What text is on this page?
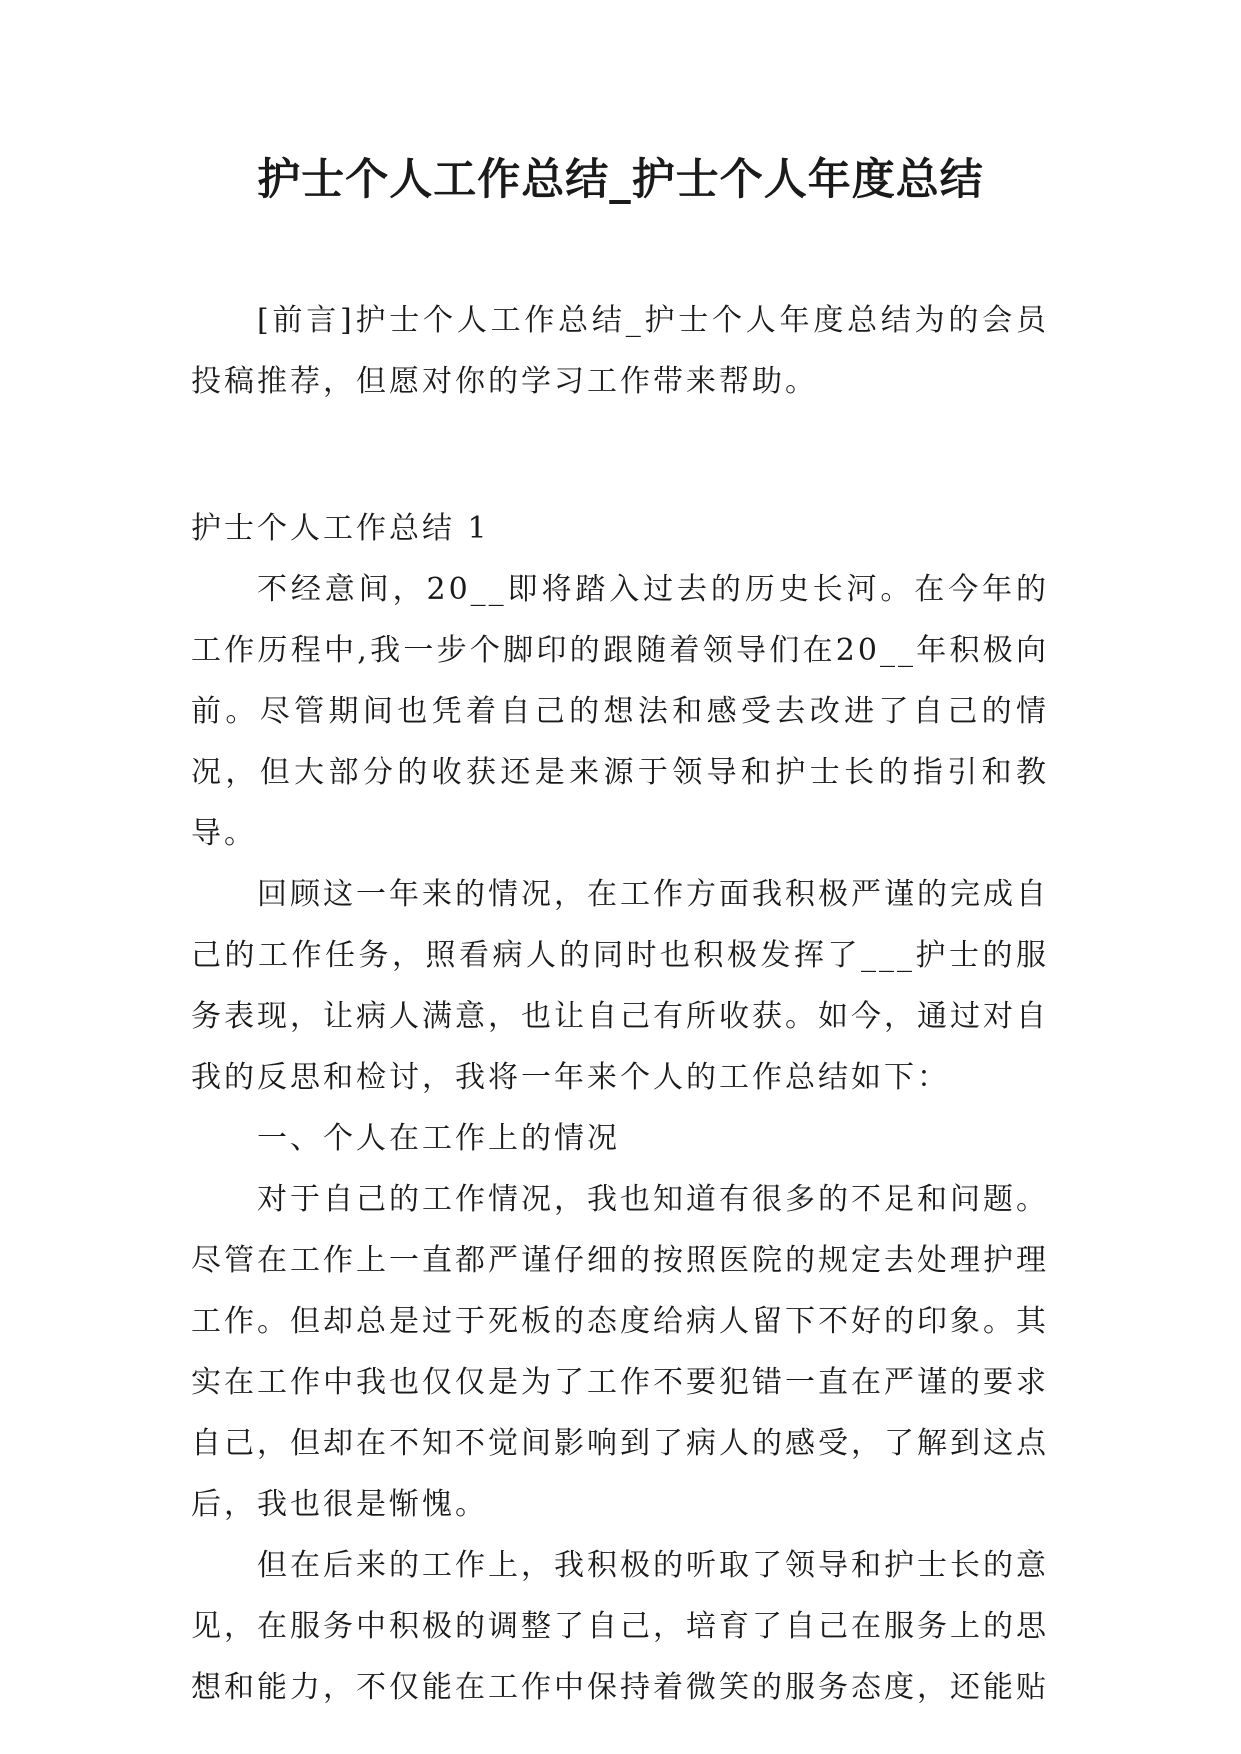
护士个人工作总结_护士个人年度总结

[前言]护士个人工作总结_护士个人年度总结为的会员投稿推荐，但愿对你的学习工作带来帮助。

护士个人工作总结 1

不经意间，20__即将踏入过去的历史长河。在今年的工作历程中,我一步个脚印的跟随着领导们在20__年积极向前。尽管期间也凭着自己的想法和感受去改进了自己的情况，但大部分的收获还是来源于领导和护士长的指引和教导。

回顾这一年来的情况，在工作方面我积极严谨的完成自己的工作任务，照看病人的同时也积极发挥了___护士的服务表现，让病人满意，也让自己有所收获。如今，通过对自我的反思和检讨，我将一年来个人的工作总结如下：

一、个人在工作上的情况

对于自己的工作情况，我也知道有很多的不足和问题。尽管在工作上一直都严谨仔细的按照医院的规定去处理护理工作。但却总是过于死板的态度给病人留下不好的印象。其实在工作中我也仅仅是为了工作不要犯错一直在严谨的要求自己，但却在不知不觉间影响到了病人的感受，了解到这点后，我也很是惭愧。

但在后来的工作上，我积极的听取了领导和护士长的意见，在服务中积极的调整了自己，培育了自己在服务上的思想和能力，不仅能在工作中保持着微笑的服务态度，还能贴
